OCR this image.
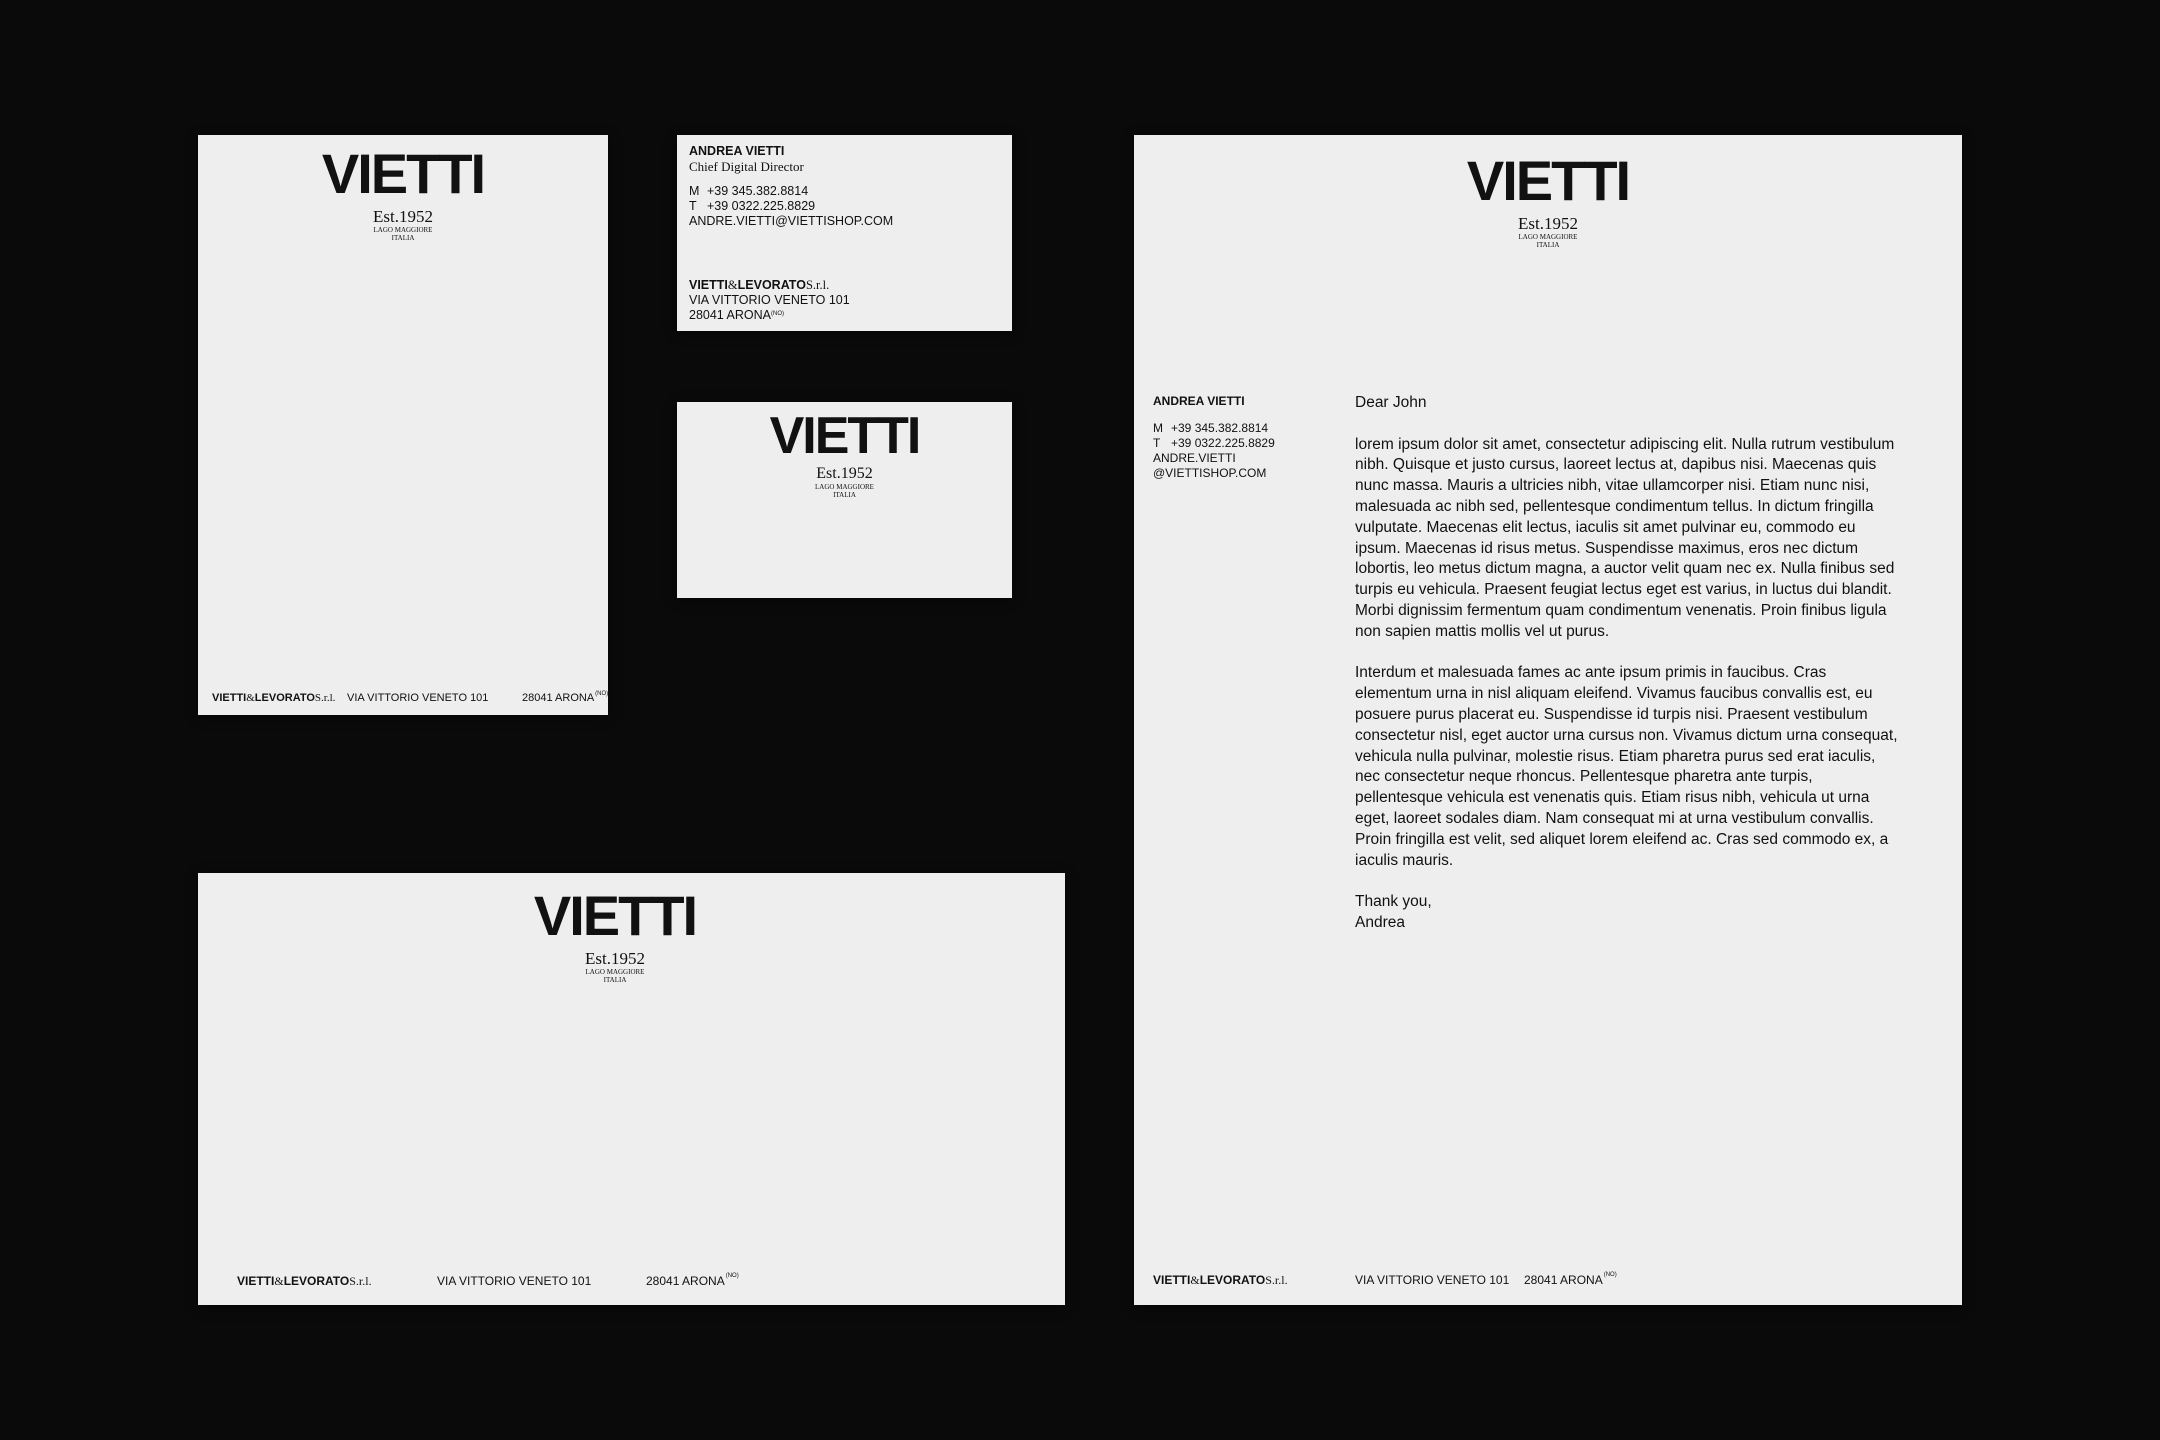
VIETTI
Est.1952
LAGO MAGGIORE
ITALIA
VIETTI&LEVORATOS.r.l. VIA VITTORIO VENETO 101	28041 $ARONA^{(NO)}$
ANDREA VIETTI
Chief Digital Director
M +39 345.382.8814
T +39 0322.225.8829
ANDRE.VIETTI@VIETTISHOP.COM
VIETTI&LEVORATOS.r.l.
VIA VITTORIO VENETO 101
28041 $ARONA^{(NO)}$
VIETTI
Est.1952
LAGO MAGGIORE
ITALIA
VIETTI
Est.1952
LAGO MAGGIORE
ITALIA
VIETTI&LEVORATOS.r.l.	VIA VITTORIO VENETO 101	28041 $ARONA^{(NO)}$
VIETTI
Est.1952
LAGO MAGGIORE
ITALIA
ANDREA VIETTI
M +39 345.382.8814
T +39 0322.225.8829
ANDRE.VIETTI
@VIETTISHOP.COM

Dear John

lorem ipsum dolor sit amet, consectetur adipiscing elit. Nulla rutrum vestibulum nibh. Quisque et justo cursus, laoreet lectus at, dapibus nisi. Maecenas quis nunc massa. Mauris a ultricies nibh, vitae ullamcorper nisi. Etiam nunc nisi, malesuada ac nibh sed, pellentesque condimentum tellus. In dictum fringilla vulputate. Maecenas elit lectus, iaculis sit amet pulvinar eu, commodo eu ipsum. Maecenas id risus metus. Suspendisse maximus, eros nec dictum lobortis, leo metus dictum magna, a auctor velit quam nec ex. Nulla finibus sed turpis eu vehicula. Praesent feugiat lectus eget est varius, in luctus dui blandit. Morbi dignissim fermentum quam condimentum venenatis. Proin finibus ligula non sapien mattis mollis vel ut purus.

Interdum et malesuada fames ac ante ipsum primis in faucibus. Cras elementum urna in nisl aliquam eleifend. Vivamus faucibus convallis est, eu posuere purus placerat eu. Suspendisse id turpis nisi. Praesent vestibulum consectetur nisl, eget auctor urna cursus non. Vivamus dictum urna consequat, vehicula nulla pulvinar, molestie risus. Etiam pharetra purus sed erat iaculis, nec consectetur neque rhoncus. Pellentesque pharetra ante turpis, pellentesque vehicula est venenatis quis. Etiam risus nibh, vehicula ut urna eget, laoreet sodales diam. Nam consequat mi at urna vestibulum convallis. Proin fringilla est velit, sed aliquet lorem eleifend ac. Cras sed commodo ex, a iaculis mauris.

Thank you,
Andrea
VIETTI&LEVORATOS.r.l.	VIA VITTORIO VENETO 101 28041 $ARONA^{(NO)}$
